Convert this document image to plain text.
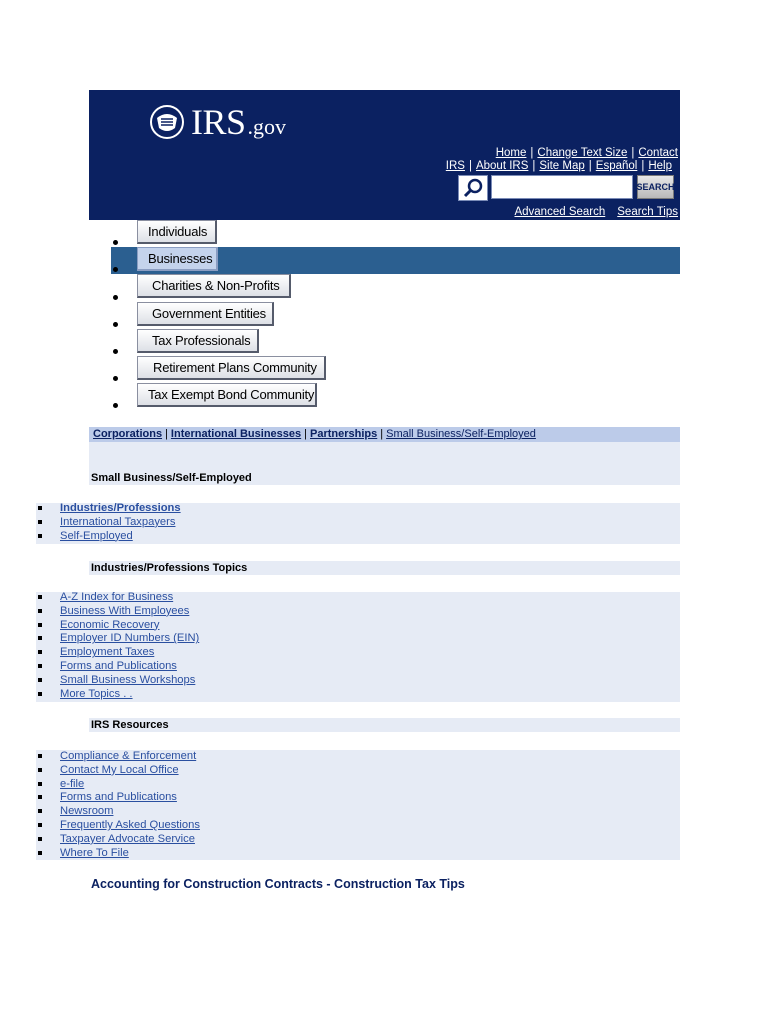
IRS .gov
Home | Change Text Size | Contact
IRS | About IRS | Site Map | Español | Help
SEARCH
Advanced Search Search Tips
Individuals
Businesses
Charities & Non-Profits
Government Entities
Tax Professionals
Retirement Plans Community
Tax Exempt Bond Community
Corporations | International Businesses | Partnerships | Small Business/Self-Employed
Small Business/Self-Employed
Industries/Professions
International Taxpayers
Self-Employed
Industries/Professions Topics
A-Z Index for Business
Business With Employees
Economic Recovery
Employer ID Numbers (EIN)
Employment Taxes
Forms and Publications
Small Business Workshops
More Topics . .
IRS Resources
Compliance & Enforcement
Contact My Local Office
e-file
Forms and Publications
Newsroom
Frequently Asked Questions
Taxpayer Advocate Service
Where To File
Accounting for Construction Contracts - Construction Tax Tips
